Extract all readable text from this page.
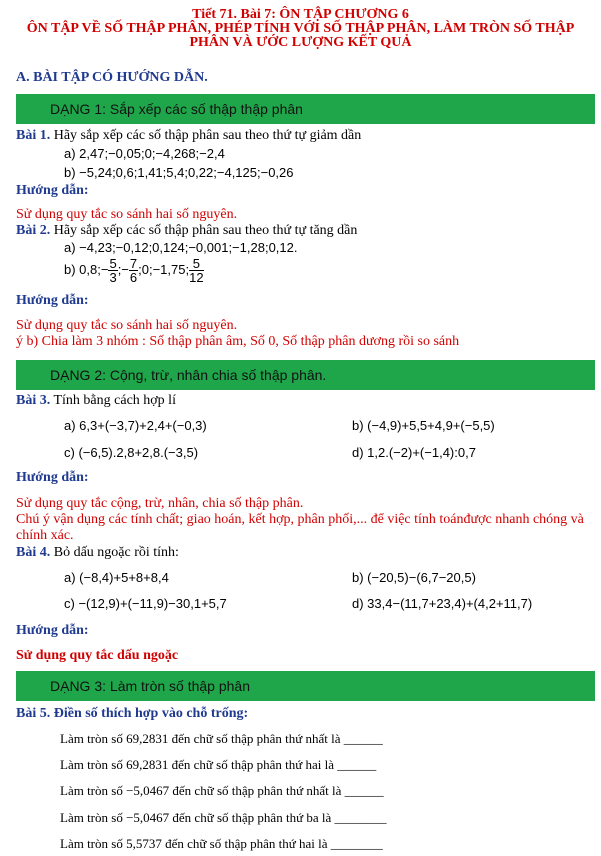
Tiết 71. Bài 7: ÔN TẬP CHƯƠNG 6
ÔN TẬP VỀ SỐ THẬP PHÂN, PHÉP TÍNH VỚI SỐ THẬP PHÂN, LÀM TRÒN SỐ THẬP
PHÂN VÀ ƯỚC LƯỢNG KẾT QUẢ
A. BÀI TẬP CÓ HƯỚNG DẪN.
DẠNG 1: Sắp xếp các số thập thập phân
Bài 1. Hãy sắp xếp các số thập phân sau theo thứ tự giảm dần
a) 2,47;−0,05;0;−4,268;−2,4
b) −5,24;0,6;1,41;5,4;0,22;−4,125;−0,26
Hướng dẫn:
Sử dụng quy tắc so sánh hai số nguyên.
Bài 2. Hãy sắp xếp các số thập phân sau theo thứ tự tăng dần
a) −4,23;−0,12;0,124;−0,001;−1,28;0,12.
b) 0,8;− $\frac{5}{3}$ ;− $\frac{7}{6}$ ;0;−1,75; $\frac{5}{12}$
Hướng dẫn:
Sử dụng quy tắc so sánh hai số nguyên.
ý b) Chia làm 3 nhóm : Số thập phân âm, Số 0, Số thập phân dương rồi so sánh
DẠNG 2: Cộng, trừ, nhân chia số thập phân.
Bài 3. Tính bằng cách hợp lí
a) 6,3+(−3,7)+2,4+(−0,3)	b) (−4,9)+5,5+4,9+(−5,5)
c) (−6,5).2,8+2,8.(−3,5)	d) 1,2.(−2)+(−1,4):0,7
Hướng dẫn:
Sử dụng quy tắc cộng, trừ, nhân, chia số thập phân.
Chú ý vận dụng các tính chất; giao hoán, kết hợp, phân phối,... để việc tính toánđược nhanh chóng và
chính xác.
Bài 4. Bỏ dấu ngoặc rồi tính:
a) (−8,4)+5+8+8,4	b) (−20,5)−(6,7−20,5)
c) −(12,9)+(−11,9)−30,1+5,7	d) 33,4−(11,7+23,4)+(4,2+11,7)
Hướng dẫn:
Sử dụng quy tắc dấu ngoặc
DẠNG 3: Làm tròn số thập phân
Bài 5. Điền số thích hợp vào chỗ trống:
Làm tròn số 69,2831 đến chữ số thập phân thứ nhất là ______
Làm tròn số 69,2831 đến chữ số thập phân thứ hai là ______
Làm tròn số −5,0467 đến chữ số thập phân thứ nhất là ______
Làm tròn số −5,0467 đến chữ số thập phân thứ ba là ________
Làm tròn số 5,5737 đến chữ số thập phân thứ hai là ________
